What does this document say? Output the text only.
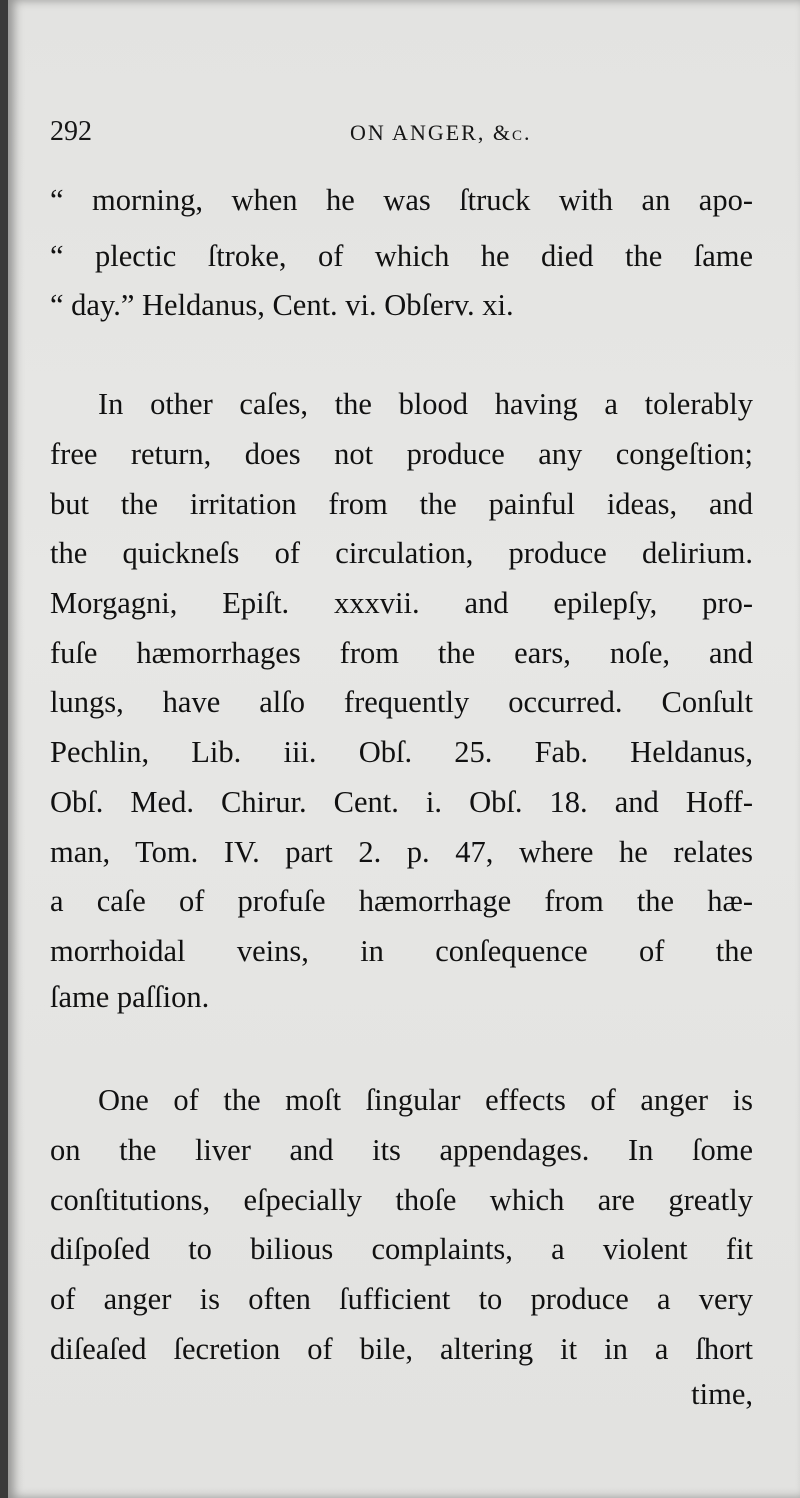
292	ON ANGER, &c.

“ morning, when he was ſtruck with an apo-

“ plectic ſtroke, of which he died the ſame

“ day.” Heldanus, Cent. vi. Obſerv. xi.

In other caſes, the blood having a tolerably

free return, does not produce any congeſtion;

but the irritation from the painful ideas, and

the quickneſs of circulation, produce delirium.

Morgagni, Epiſt. xxxvii. and epilepſy, pro-

fuſe hæmorrhages from the ears, noſe, and

lungs, have alſo frequently occurred. Conſult

Pechlin, Lib. iii. Obſ. 25. Fab. Heldanus,

Obſ. Med. Chirur. Cent. i. Obſ. 18. and Hoff-

man, Tom. IV. part 2. p. 47, where he relates

a caſe of profuſe hæmorrhage from the hæ-

morrhoidal veins, in conſequence of the

ſame paſſion.

One of the moſt ſingular effects of anger is

on the liver and its appendages. In ſome

conſtitutions, eſpecially thoſe which are greatly

diſpoſed to bilious complaints, a violent fit

of anger is often ſufficient to produce a very

diſeaſed ſecretion of bile, altering it in a ſhort

time,
